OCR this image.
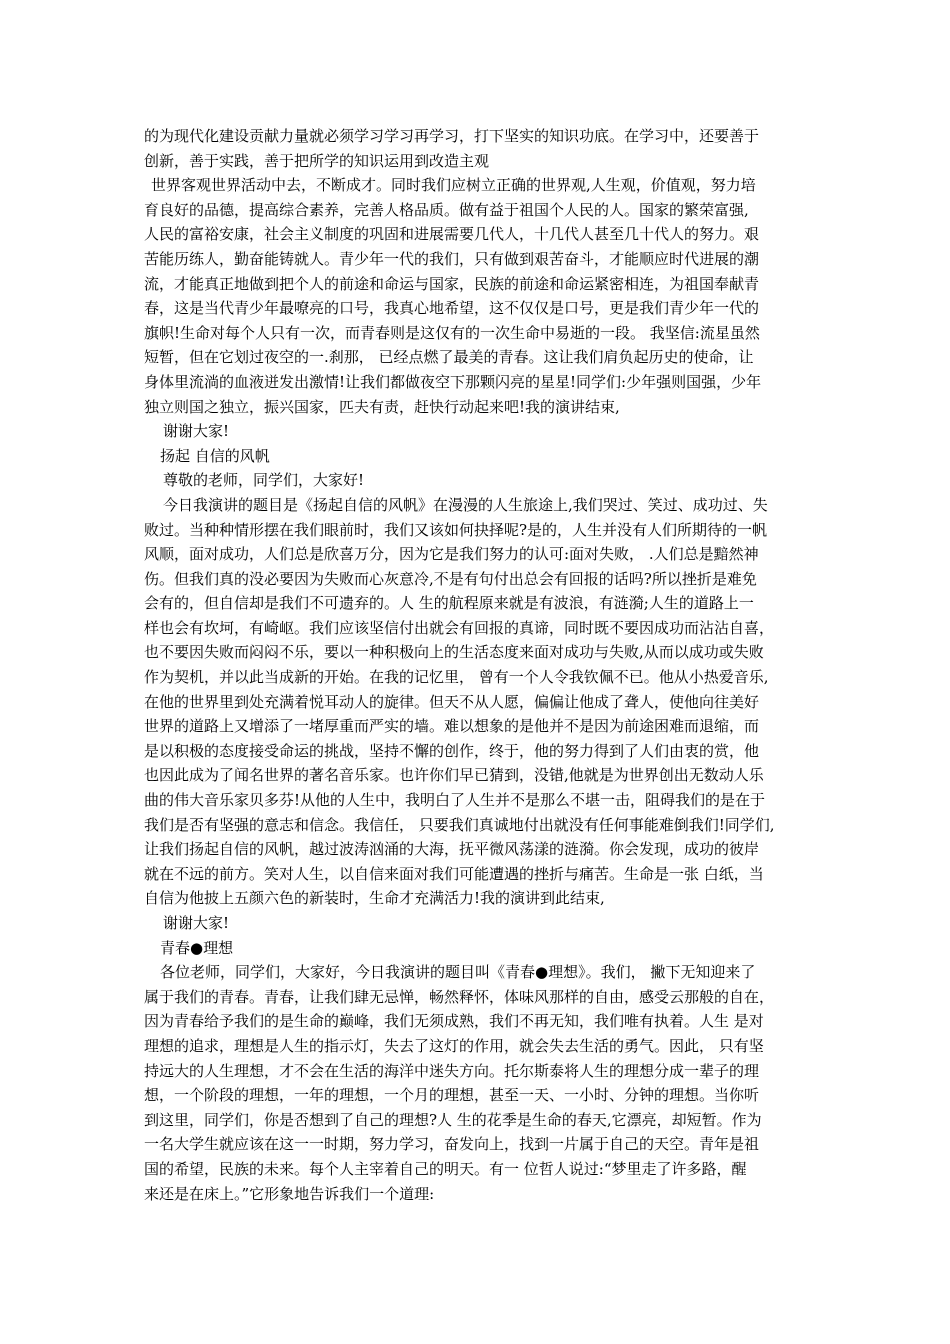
的为现代化建设贡献力量就必须学习学习再学习，打下坚实的知识功底。在学习中，还要善于
创新，善于实践，善于把所学的知识运用到改造主观
世界客观世界活动中去，不断成才。同时我们应树立正确的世界观,人生观，价值观，努力培
育良好的品德，提高综合素养，完善人格品质。做有益于祖国个人民的人。国家的繁荣富强,
人民的富裕安康，社会主义制度的巩固和进展需要几代人，十几代人甚至几十代人的努力。艰
苦能历练人，勤奋能铸就人。青少年一代的我们，只有做到艰苦奋斗，才能顺应时代进展的潮
流，才能真正地做到把个人的前途和命运与国家，民族的前途和命运紧密相连，为祖国奉献青
春，这是当代青少年最嘹亮的口号，我真心地希望，这不仅仅是口号，更是我们青少年一代的
旗帜!生命对每个人只有一次，而青春则是这仅有的一次生命中易逝的一段。 我坚信:流星虽然
短暂，但在它划过夜空的一.刹那， 已经点燃了最美的青春。这让我们肩负起历史的使命，让
身体里流淌的血液迸发出激情!让我们都做夜空下那颗闪亮的星星!同学们:少年强则国强，少年
独立则国之独立，振兴国家，匹夫有责，赶快行动起来吧!我的演讲结束,
谢谢大家!
扬起 自信的风帆
尊敬的老师，同学们，大家好!
今日我演讲的题目是《扬起自信的风帆》在漫漫的人生旅途上,我们哭过、笑过、成功过、失
败过。当种种情形摆在我们眼前时，我们又该如何抉择呢?是的，人生并没有人们所期待的一帆
风顺，面对成功，人们总是欣喜万分，因为它是我们努力的认可:面对失败， .人们总是黯然神
伤。但我们真的没必要因为失败而心灰意冷,不是有句付出总会有回报的话吗?所以挫折是难免
会有的，但自信却是我们不可遗弃的。人 生的航程原来就是有波浪，有涟漪;人生的道路上一
样也会有坎坷，有崎岖。我们应该坚信付出就会有回报的真谛，同时既不要因成功而沾沾自喜，
也不要因失败而闷闷不乐，要以一种积极向上的生活态度来面对成功与失败,从而以成功或失败
作为契机，并以此当成新的开始。在我的记忆里， 曾有一个人令我钦佩不已。他从小热爱音乐,
在他的世界里到处充满着悦耳动人的旋律。但天不从人愿，偏偏让他成了聋人，使他向往美好
世界的道路上又增添了一堵厚重而严实的墙。难以想象的是他并不是因为前途困难而退缩，而
是以积极的态度接受命运的挑战，坚持不懈的创作，终于，他的努力得到了人们由衷的赏，他
也因此成为了闻名世界的著名音乐家。也许你们早已猜到，没错,他就是为世界创出无数动人乐
曲的伟大音乐家贝多芬!从他的人生中，我明白了人生并不是那么不堪一击，阻碍我们的是在于
我们是否有坚强的意志和信念。我信任， 只要我们真诚地付出就没有任何事能难倒我们!同学们,
让我们扬起自信的风帆，越过波涛汹涌的大海，抚平微风荡漾的涟漪。你会发现，成功的彼岸
就在不远的前方。笑对人生，以自信来面对我们可能遭遇的挫折与痛苦。生命是一张 白纸，当
自信为他披上五颜六色的新装时，生命才充满活力!我的演讲到此结束,
谢谢大家!
青春●理想
各位老师，同学们，大家好，今日我演讲的题目叫《青春●理想》。我们， 撇下无知迎来了
属于我们的青春。青春，让我们肆无忌惮，畅然释怀，体味风那样的自由，感受云那般的自在，
因为青春给予我们的是生命的巅峰，我们无须成熟，我们不再无知，我们唯有执着。人生 是对
理想的追求，理想是人生的指示灯，失去了这灯的作用，就会失去生活的勇气。因此， 只有坚
持远大的人生理想，才不会在生活的海洋中迷失方向。托尔斯泰将人生的理想分成一辈子的理
想，一个阶段的理想，一年的理想，一个月的理想，甚至一天、一小时、分钟的理想。当你听
到这里，同学们，你是否想到了自己的理想?人 生的花季是生命的春天,它漂亮，却短暂。作为
一名大学生就应该在这一一时期，努力学习，奋发向上，找到一片属于自己的天空。青年是祖
国的希望，民族的未来。每个人主宰着自己的明天。有一 位哲人说过:“梦里走了许多路，醒
来还是在床上。”它形象地告诉我们一个道理:
